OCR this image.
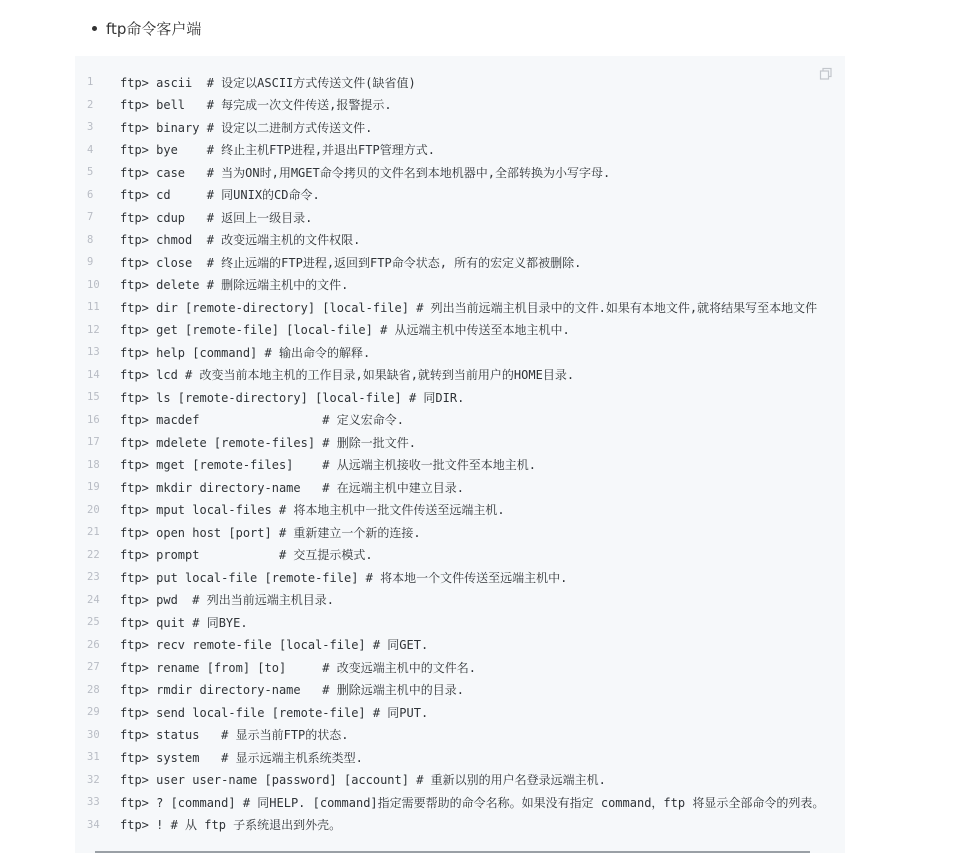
ftp命令客户端
1	ftp> ascii  # 设定以ASCII方式传送文件(缺省值)
2	ftp> bell   # 每完成一次文件传送,报警提示.
3	ftp> binary # 设定以二进制方式传送文件.
4	ftp> bye    # 终止主机FTP进程,并退出FTP管理方式.
5	ftp> case   # 当为ON时,用MGET命令拷贝的文件名到本地机器中,全部转换为小写字母.
6	ftp> cd     # 同UNIX的CD命令.
7	ftp> cdup   # 返回上一级目录.
8	ftp> chmod  # 改变远端主机的文件权限.
9	ftp> close  # 终止远端的FTP进程,返回到FTP命令状态, 所有的宏定义都被删除.
10	ftp> delete # 删除远端主机中的文件.
11	ftp> dir [remote-directory] [local-file] # 列出当前远端主机目录中的文件.如果有本地文件,就将结果写至本地文件
12	ftp> get [remote-file] [local-file] # 从远端主机中传送至本地主机中.
13	ftp> help [command] # 输出命令的解释.
14	ftp> lcd # 改变当前本地主机的工作目录,如果缺省,就转到当前用户的HOME目录.
15	ftp> ls [remote-directory] [local-file] # 同DIR.
16	ftp> macdef                 # 定义宏命令.
17	ftp> mdelete [remote-files] # 删除一批文件.
18	ftp> mget [remote-files]    # 从远端主机接收一批文件至本地主机.
19	ftp> mkdir directory-name   # 在远端主机中建立目录.
20	ftp> mput local-files # 将本地主机中一批文件传送至远端主机.
21	ftp> open host [port] # 重新建立一个新的连接.
22	ftp> prompt           # 交互提示模式.
23	ftp> put local-file [remote-file] # 将本地一个文件传送至远端主机中.
24	ftp> pwd  # 列出当前远端主机目录.
25	ftp> quit # 同BYE.
26	ftp> recv remote-file [local-file] # 同GET.
27	ftp> rename [from] [to]     # 改变远端主机中的文件名.
28	ftp> rmdir directory-name   # 删除远端主机中的目录.
29	ftp> send local-file [remote-file] # 同PUT.
30	ftp> status   # 显示当前FTP的状态.
31	ftp> system   # 显示远端主机系统类型.
32	ftp> user user-name [password] [account] # 重新以别的用户名登录远端主机.
33	ftp> ? [command] # 同HELP. [command]指定需要帮助的命令名称。如果没有指定 command，ftp 将显示全部命令的列表。
34	ftp> ! # 从 ftp 子系统退出到外壳。
